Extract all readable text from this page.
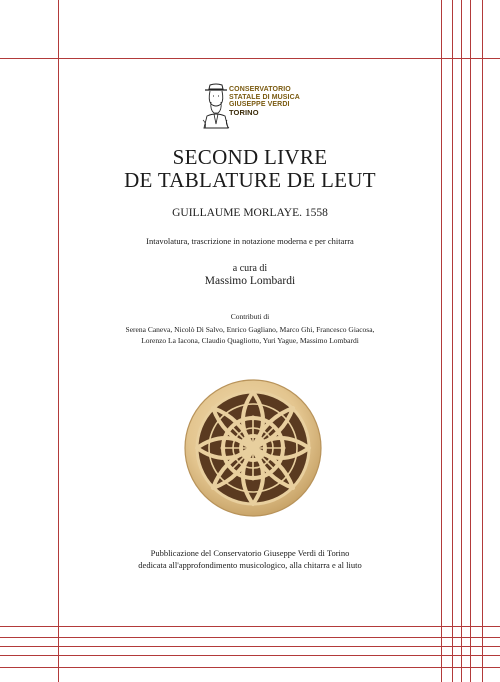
CONSERVATORIO
STATALE DI MUSICA
GIUSEPPE VERDI
TORINO
SECOND LIVRE
DE TABLATURE DE LEUT
GUILLAUME MORLAYE. 1558
Intavolatura, trascrizione in notazione moderna e per chitarra
a cura di
Massimo Lombardi
Contributi di
Serena Caneva, Nicolò Di Salvo, Enrico Gagliano, Marco Ghi, Francesco Giacosa,
Lorenzo La Iacona, Claudio Quagliotto, Yuri Yague, Massimo Lombardi
Pubblicazione del Conservatorio Giuseppe Verdi di Torino
dedicata all'approfondimento musicologico, alla chitarra e al liuto
